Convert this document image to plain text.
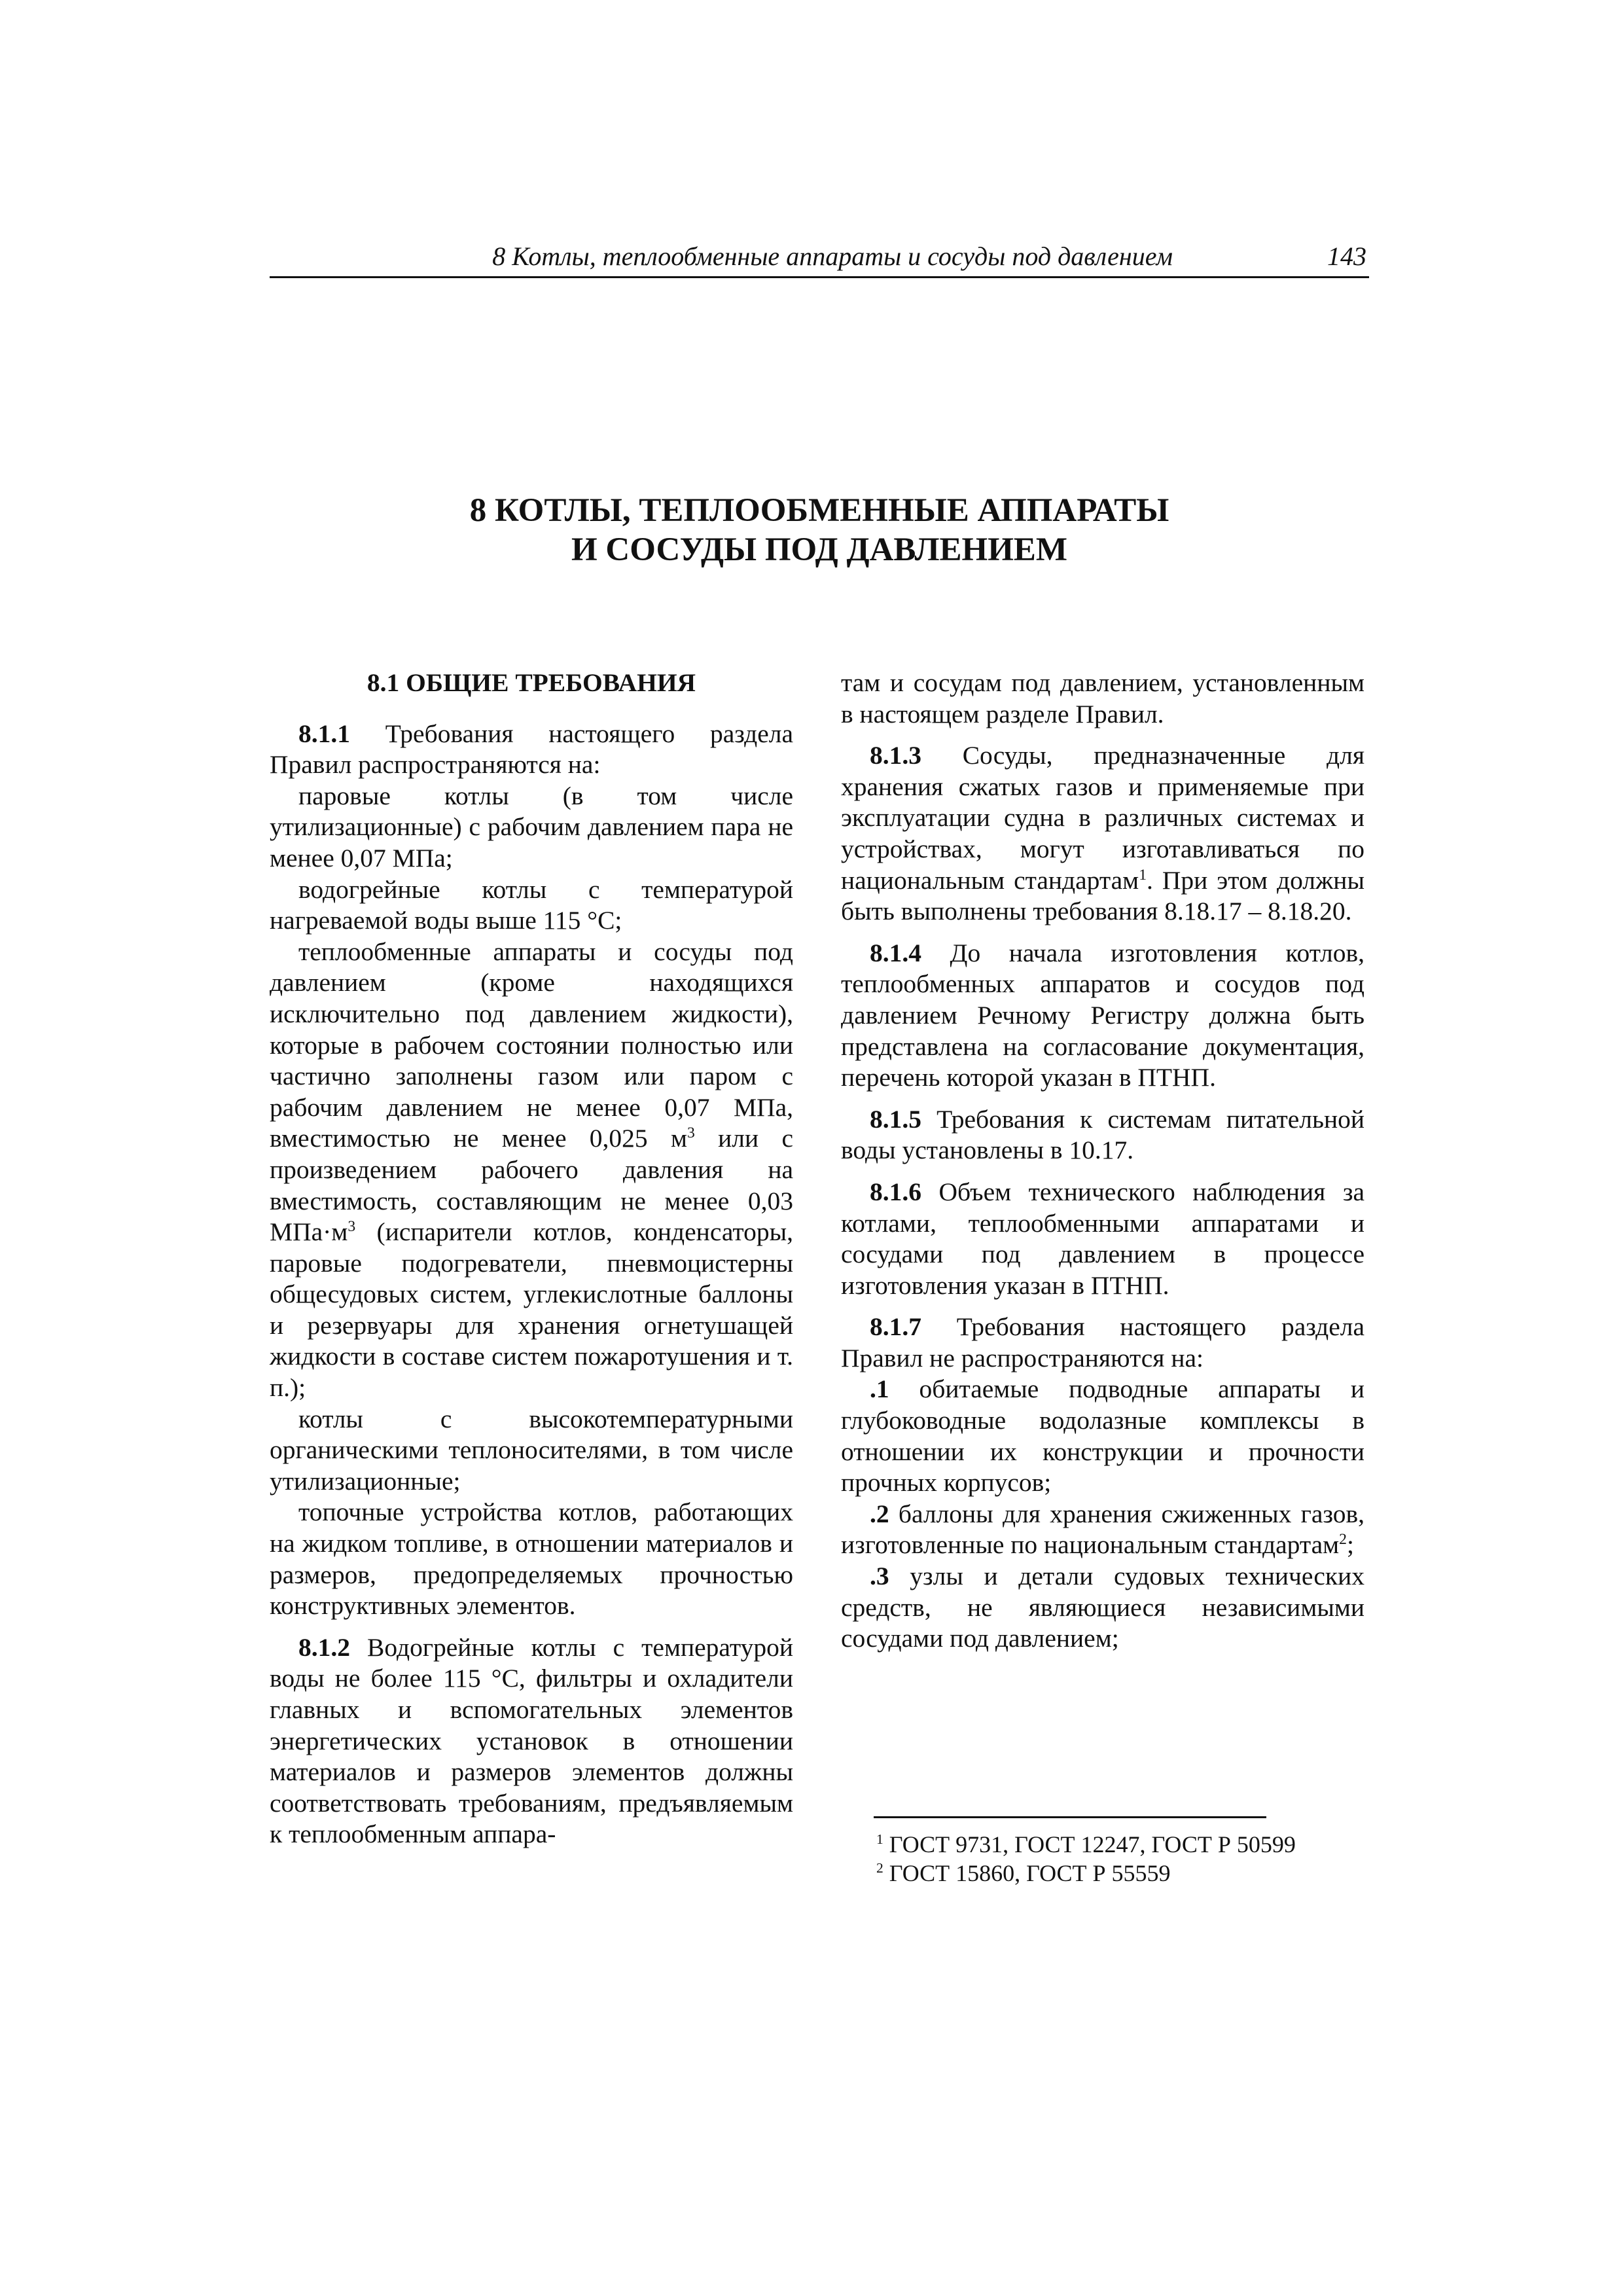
8 Котлы, теплообменные аппараты и сосуды под давлением	143
8 КОТЛЫ, ТЕПЛООБМЕННЫЕ АППАРАТЫ
И СОСУДЫ ПОД ДАВЛЕНИЕМ
8.1 ОБЩИЕ ТРЕБОВАНИЯ

8.1.1 Требования настоящего раздела Правил распространяются на:

паровые котлы (в том числе утилизационные) с рабочим давлением пара не менее 0,07 МПа;

водогрейные котлы с температурой нагреваемой воды выше 115 °С;

теплообменные аппараты и сосуды под давлением (кроме находящихся исключительно под давлением жидкости), которые в рабочем состоянии полностью или частично заполнены газом или паром с рабочим давлением не менее 0,07 МПа, вместимостью не менее 0,025 $м^3$ или с произведением рабочего давления на вместимость, составляющим не менее 0,03 $МПа\cdot м^3$ (испарители котлов, конденсаторы, паровые подогреватели, пневмоцистерны общесудовых систем, углекислотные баллоны и резервуары для хранения огнетушащей жидкости в составе систем пожаротушения и т. п.);

котлы с высокотемпературными органическими теплоносителями, в том числе утилизационные;

топочные устройства котлов, работающих на жидком топливе, в отношении материалов и размеров, предопределяемых прочностью конструктивных элементов.

8.1.2 Водогрейные котлы с температурой воды не более 115 °С, фильтры и охладители главных и вспомогательных элементов энергетических установок в отношении материалов и размеров элементов должны соответствовать требованиям, предъявляемым к теплообменным аппара-

там и сосудам под давлением, установленным в настоящем разделе Правил.

8.1.3 Сосуды, предназначенные для хранения сжатых газов и применяемые при эксплуатации судна в различных системах и устройствах, могут изготавливаться по национальным стандартам$^1$. При этом должны быть выполнены требования 8.18.17 – 8.18.20.

8.1.4 До начала изготовления котлов, теплообменных аппаратов и сосудов под давлением Речному Регистру должна быть представлена на согласование документация, перечень которой указан в ПТНП.

8.1.5 Требования к системам питательной воды установлены в 10.17.

8.1.6 Объем технического наблюдения за котлами, теплообменными аппаратами и сосудами под давлением в процессе изготовления указан в ПТНП.

8.1.7 Требования настоящего раздела Правил не распространяются на:

.1 обитаемые подводные аппараты и глубоководные водолазные комплексы в отношении их конструкции и прочности прочных корпусов;

.2 баллоны для хранения сжиженных газов, изготовленные по национальным стандартам$^2$;

.3 узлы и детали судовых технических средств, не являющиеся независимыми сосудами под давлением;

$^1$ ГОСТ 9731, ГОСТ 12247, ГОСТ Р 50599
$^2$ ГОСТ 15860, ГОСТ Р 55559
